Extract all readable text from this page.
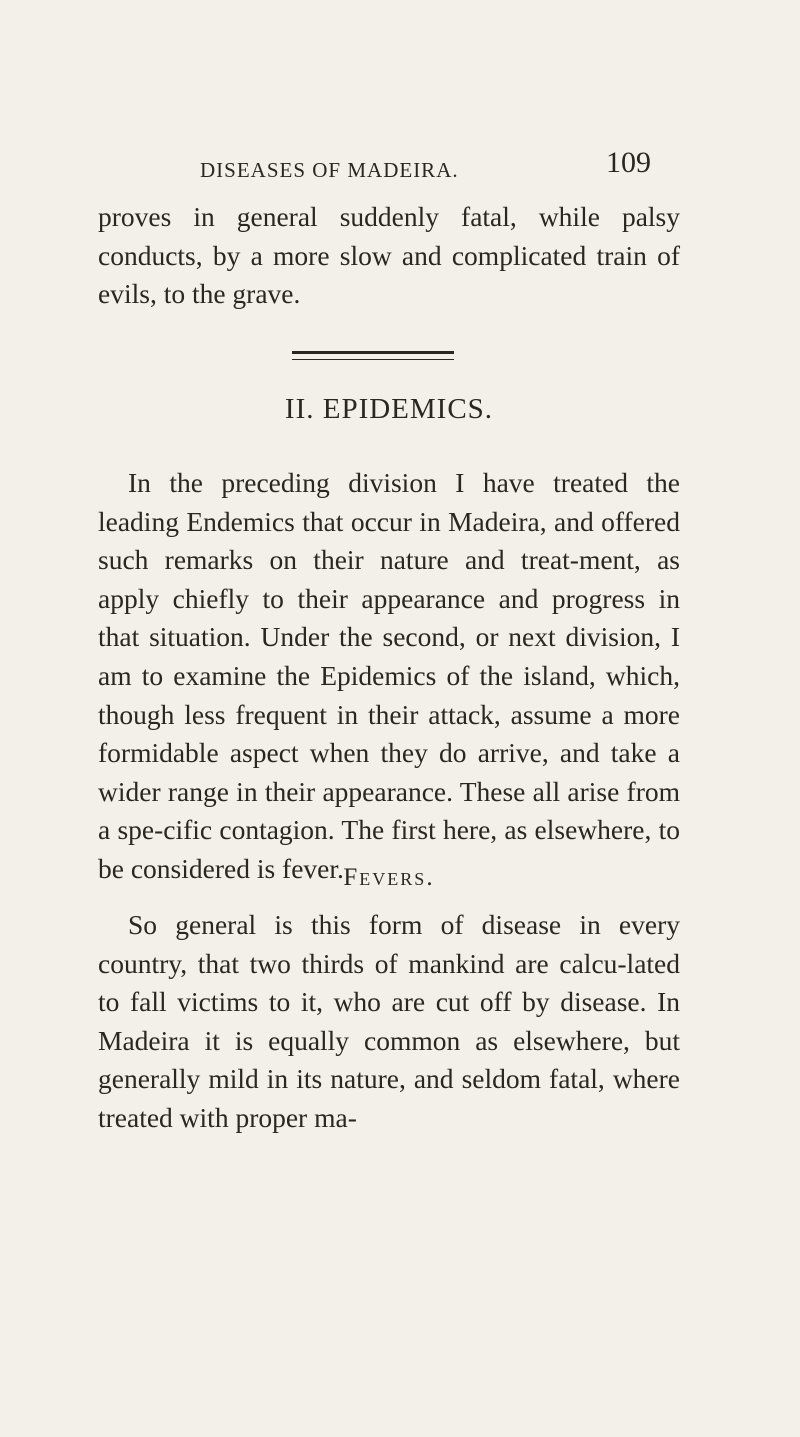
DISEASES OF MADEIRA.	109

proves in general suddenly fatal, while palsy conducts, by a more slow and complicated train of evils, to the grave.

II. EPIDEMICS.

In the preceding division I have treated the leading Endemics that occur in Madeira, and offered such remarks on their nature and treat-ment, as apply chiefly to their appearance and progress in that situation. Under the second, or next division, I am to examine the Epidemics of the island, which, though less frequent in their attack, assume a more formidable aspect when they do arrive, and take a wider range in their appearance. These all arise from a spe-cific contagion. The first here, as elsewhere, to be considered is fever. Fevers.

So general is this form of disease in every country, that two thirds of mankind are calcu-lated to fall victims to it, who are cut off by disease. In Madeira it is equally common as elsewhere, but generally mild in its nature, and seldom fatal, where treated with proper ma-
